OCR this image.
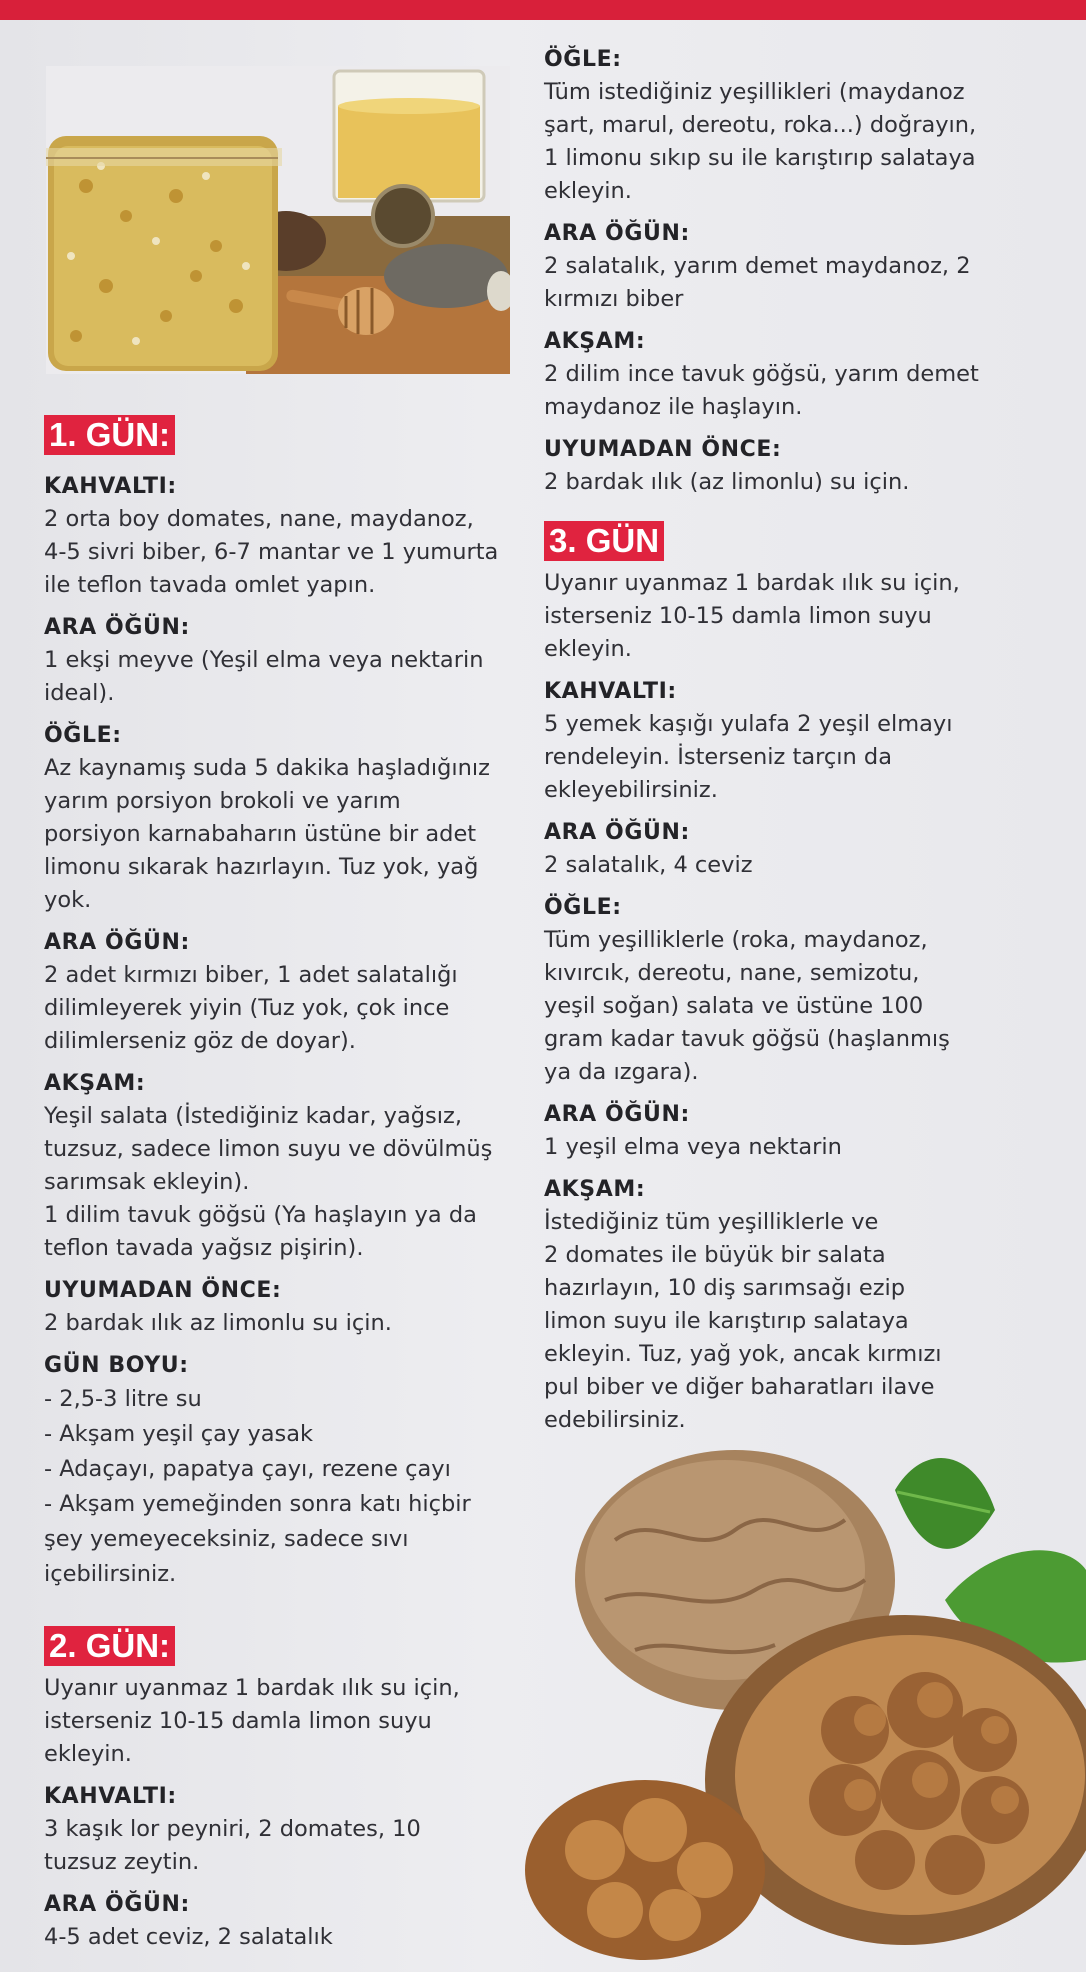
1. GÜN:
KAHVALTI:

2 orta boy domates, nane, maydanoz,
4-5 sivri biber, 6-7 mantar ve 1 yumurta
ile teflon tavada omlet yapın.

ARA ÖĞÜN:

1 ekşi meyve (Yeşil elma veya nektarin
ideal).

ÖĞLE:

Az kaynamış suda 5 dakika haşladığınız
yarım porsiyon brokoli ve yarım
porsiyon karnabaharın üstüne bir adet
limonu sıkarak hazırlayın. Tuz yok, yağ
yok.

ARA ÖĞÜN:

2 adet kırmızı biber, 1 adet salatalığı
dilimleyerek yiyin (Tuz yok, çok ince
dilimlerseniz göz de doyar).

AKŞAM:

Yeşil salata (İstediğiniz kadar, yağsız,
tuzsuz, sadece limon suyu ve dövülmüş
sarımsak ekleyin).
1 dilim tavuk göğsü (Ya haşlayın ya da
teflon tavada yağsız pişirin).

UYUMADAN ÖNCE:

2 bardak ılık az limonlu su için.

GÜN BOYU:
- 2,5-3 litre su
- Akşam yeşil çay yasak
- Adaçayı, papatya çayı, rezene çayı
- Akşam yemeğinden sonra katı hiçbir
şey yemeyeceksiniz, sadece sıvı
içebilirsiniz.
2. GÜN:

Uyanır uyanmaz 1 bardak ılık su için,
isterseniz 10-15 damla limon suyu
ekleyin.

KAHVALTI:

3 kaşık lor peyniri, 2 domates, 10
tuzsuz zeytin.

ARA ÖĞÜN:

4-5 adet ceviz, 2 salatalık

ÖĞLE:

Tüm istediğiniz yeşillikleri (maydanoz
şart, marul, dereotu, roka...) doğrayın,
1 limonu sıkıp su ile karıştırıp salataya
ekleyin.

ARA ÖĞÜN:

2 salatalık, yarım demet maydanoz, 2
kırmızı biber

AKŞAM:

2 dilim ince tavuk göğsü, yarım demet
maydanoz ile haşlayın.

UYUMADAN ÖNCE:

2 bardak ılık (az limonlu) su için.

3. GÜN

Uyanır uyanmaz 1 bardak ılık su için,
isterseniz 10-15 damla limon suyu
ekleyin.

KAHVALTI:

5 yemek kaşığı yulafa 2 yeşil elmayı
rendeleyin. İsterseniz tarçın da
ekleyebilirsiniz.

ARA ÖĞÜN:

2 salatalık, 4 ceviz

ÖĞLE:

Tüm yeşilliklerle (roka, maydanoz,
kıvırcık, dereotu, nane, semizotu,
yeşil soğan) salata ve üstüne 100
gram kadar tavuk göğsü (haşlanmış
ya da ızgara).

ARA ÖĞÜN:

1 yeşil elma veya nektarin

AKŞAM:

İstediğiniz tüm yeşilliklerle ve
2 domates ile büyük bir salata
hazırlayın, 10 diş sarımsağı ezip
limon suyu ile karıştırıp salataya
ekleyin. Tuz, yağ yok, ancak kırmızı
pul biber ve diğer baharatları ilave
edebilirsiniz.
